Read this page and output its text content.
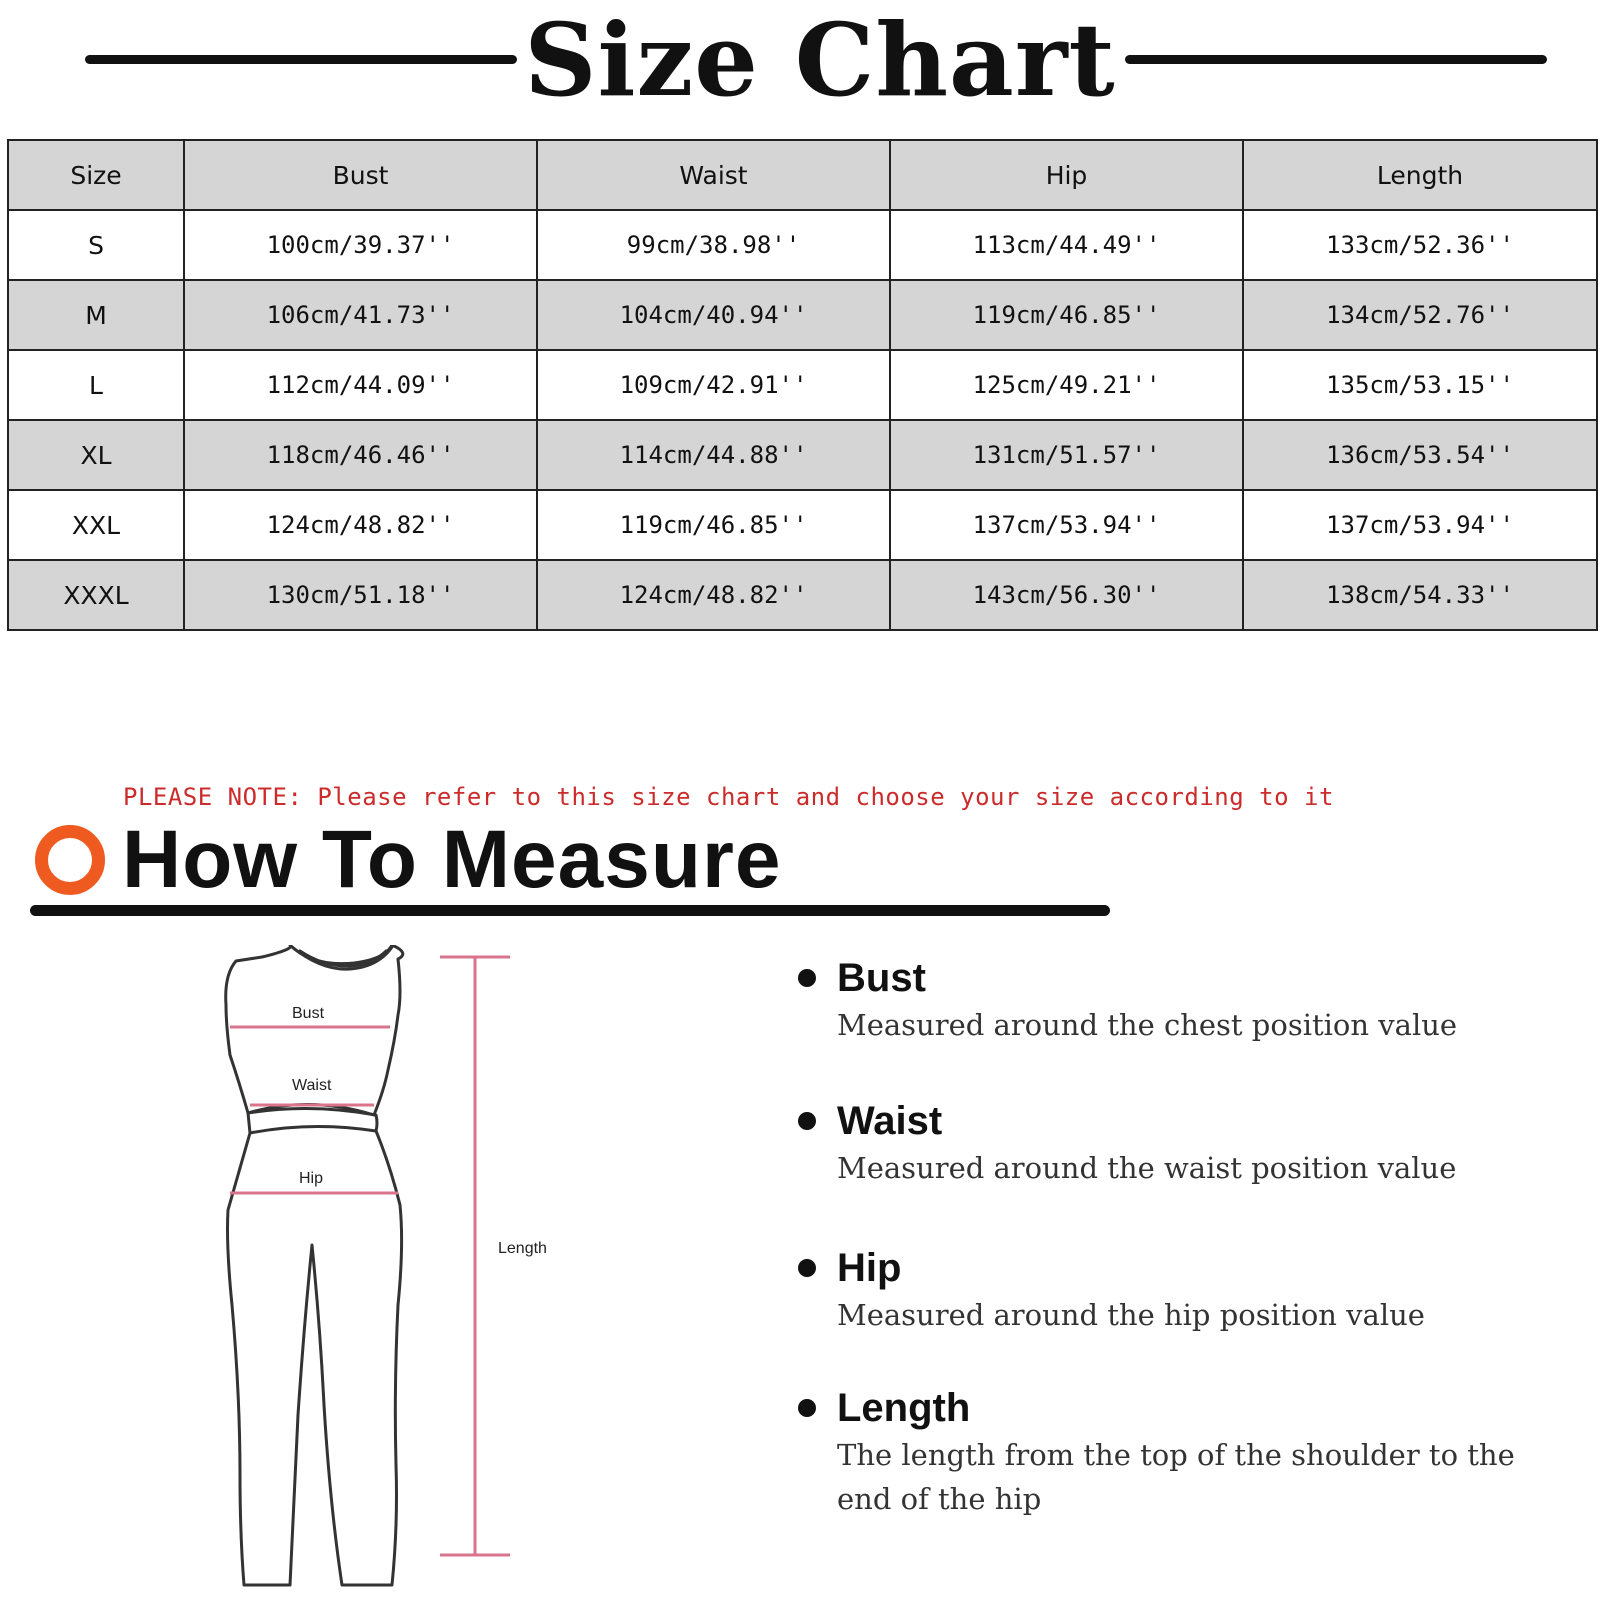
Size Chart
Size	Bust	Waist	Hip	Length
S	100cm/39.37''	99cm/38.98''	113cm/44.49''	133cm/52.36''
M	106cm/41.73''	104cm/40.94''	119cm/46.85''	134cm/52.76''
L	112cm/44.09''	109cm/42.91''	125cm/49.21''	135cm/53.15''
XL	118cm/46.46''	114cm/44.88''	131cm/51.57''	136cm/53.54''
XXL	124cm/48.82''	119cm/46.85''	137cm/53.94''	137cm/53.94''
XXXL	130cm/51.18''	124cm/48.82''	143cm/56.30''	138cm/54.33''
PLEASE NOTE: Please refer to this size chart and choose your size according to it
How To Measure
Bust
Waist
Hip
Length
Bust
Measured around the chest position value
Waist
Measured around the waist position value
Hip
Measured around the hip position value
Length
The length from the top of the shoulder to the end of the hip
